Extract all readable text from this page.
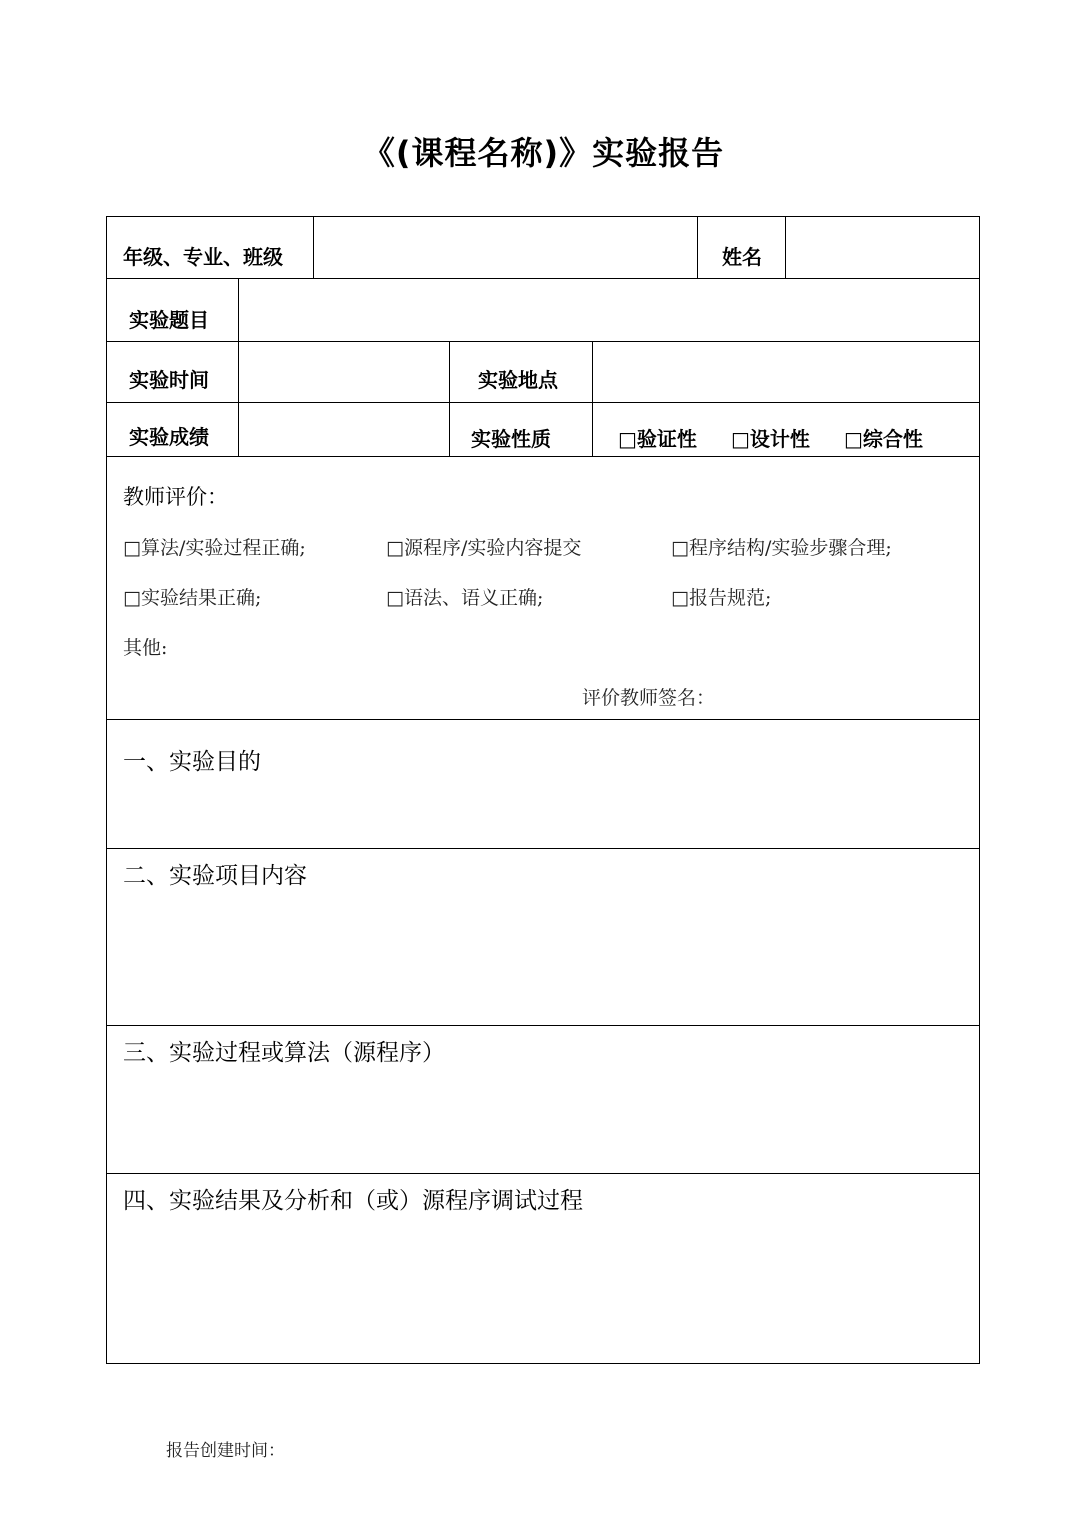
《(课程名称)》实验报告
年级、专业、班级	姓名
实验题目
实验时间	实验地点
实验成绩	实验性质	□验证性 □设计性 □综合性
教师评价：
□算法/实验过程正确;	□源程序/实验内容提交	□程序结构/实验步骤合理;
□实验结果正确;	□语法、语义正确;	□报告规范;
其他:
评价教师签名：
一、实验目的
二、实验项目内容
三、实验过程或算法（源程序）
四、实验结果及分析和（或）源程序调试过程
报告创建时间：
